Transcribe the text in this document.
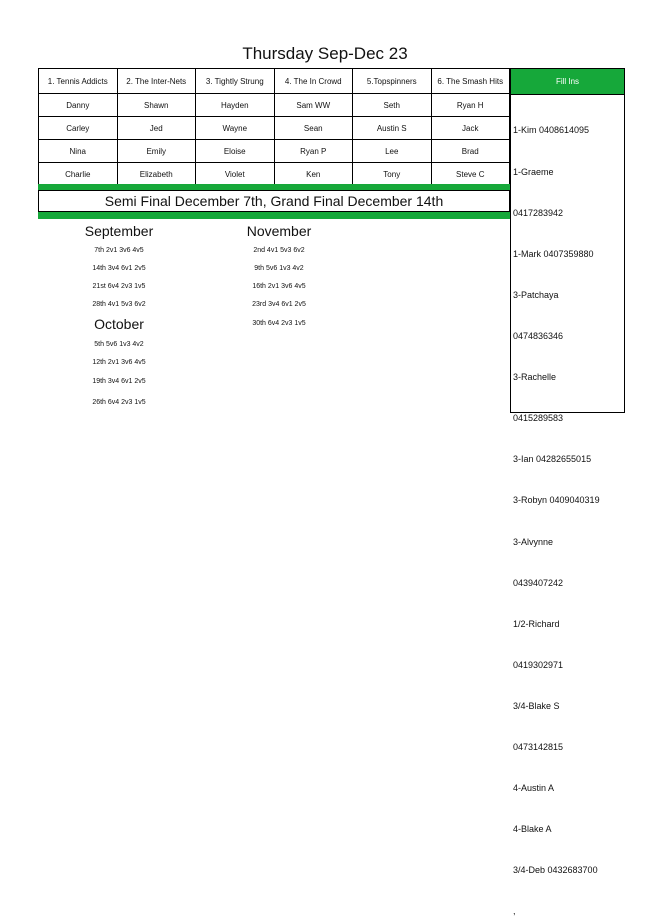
Thursday Sep-Dec 23
1. Tennis Addicts	2. The Inter-Nets	3. Tightly Strung	4. The In Crowd	5.Topspinners	6. The Smash Hits
Danny	Shawn	Hayden	Sam WW	Seth	Ryan H
Carley	Jed	Wayne	Sean	Austin S	Jack
Nina	Emily	Eloise	Ryan P	Lee	Brad
Charlie	Elizabeth	Violet	Ken	Tony	Steve C
Fill Ins

1-Kim 0408614095

1-Graeme

0417283942

1-Mark 0407359880

3-Patchaya

0474836346

3-Rachelle

0415289583

3-Ian 04282655015

3-Robyn 0409040319

3-Alvynne

0439407242

1/2-Richard

0419302971

3/4-Blake S

0473142815

4-Austin A

4-Blake A

3/4-Deb 0432683700

,

Semi Final December 7th, Grand Final December 14th
September
7th 2v1 3v6 4v5
14th 3v4 6v1 2v5
21st 6v4 2v3 1v5
28th 4v1 5v3 6v2
October
5th 5v6 1v3 4v2
12th 2v1 3v6 4v5
19th 3v4 6v1 2v5
26th 6v4 2v3 1v5
November
2nd 4v1 5v3 6v2
9th 5v6 1v3 4v2
16th 2v1 3v6 4v5
23rd 3v4 6v1 2v5
30th 6v4 2v3 1v5
